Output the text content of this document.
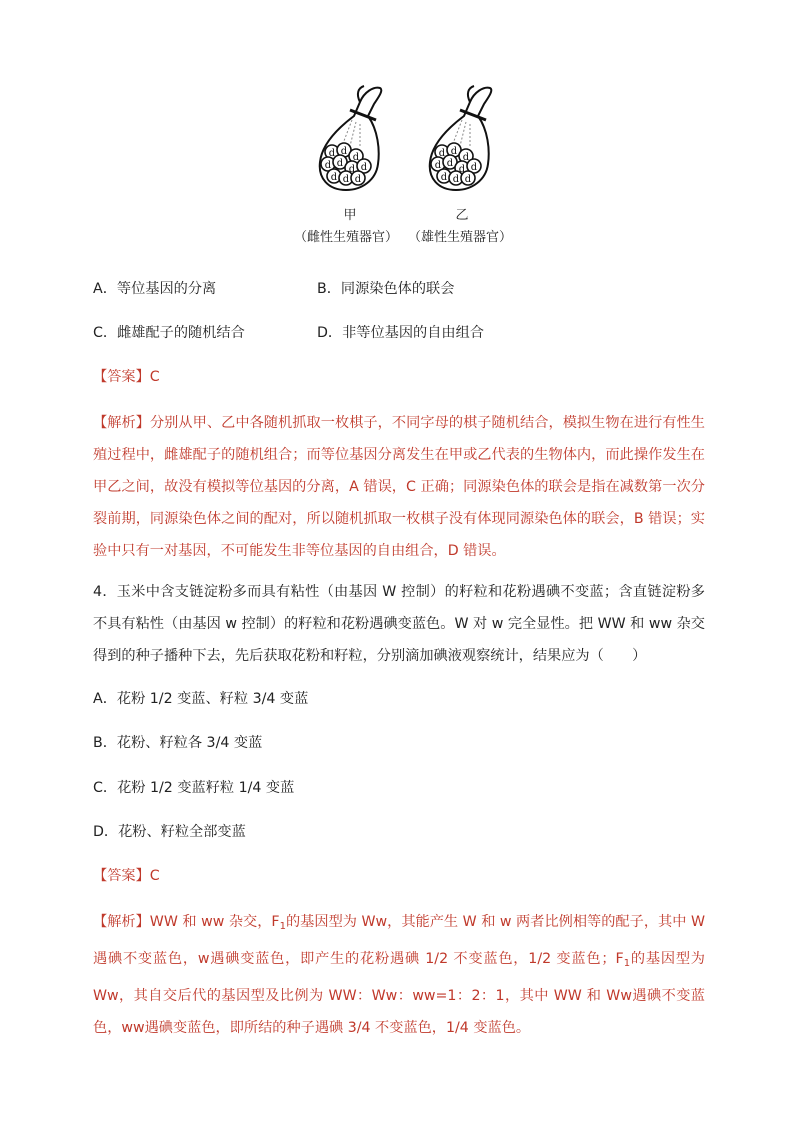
d d
d
d d
d d
d d d
d d
d
d d
d d
d d d
甲
（雌性生殖器官）
乙
（雄性生殖器官）
A．等位基因的分离	B．同源染色体的联会
C．雌雄配子的随机结合	D．非等位基因的自由组合
【答案】C
【解析】分别从甲、乙中各随机抓取一枚棋子，不同字母的棋子随机结合，模拟生物在进行有性生殖过程中，雌雄配子的随机组合；而等位基因分离发生在甲或乙代表的生物体内，而此操作发生在甲乙之间，故没有模拟等位基因的分离，A 错误，C 正确；同源染色体的联会是指在减数第一次分裂前期，同源染色体之间的配对，所以随机抓取一枚棋子没有体现同源染色体的联会，B 错误；实验中只有一对基因，不可能发生非等位基因的自由组合，D 错误。
4．玉米中含支链淀粉多而具有粘性（由基因 W 控制）的籽粒和花粉遇碘不变蓝；含直链淀粉多不具有粘性（由基因 w 控制）的籽粒和花粉遇碘变蓝色。W 对 w 完全显性。把 WW 和 ww 杂交得到的种子播种下去，先后获取花粉和籽粒，分别滴加碘液观察统计，结果应为（　　）
A．花粉 1/2 变蓝、籽粒 3/4 变蓝
B．花粉、籽粒各 3/4 变蓝
C．花粉 1/2 变蓝籽粒 1/4 变蓝
D．花粉、籽粒全部变蓝
【答案】C
【解析】WW 和 ww 杂交，$F_1$的基因型为 Ww，其能产生 W 和 w 两者比例相等的配子，其中 W 遇碘不变蓝色，w遇碘变蓝色，即产生的花粉遇碘 1/2 不变蓝色，1/2 变蓝色；$F_1$的基因型为 Ww，其自交后代的基因型及比例为 WW：Ww：ww=1：2：1，其中 WW 和 Ww遇碘不变蓝色，ww遇碘变蓝色，即所结的种子遇碘 3/4 不变蓝色，1/4 变蓝色。
